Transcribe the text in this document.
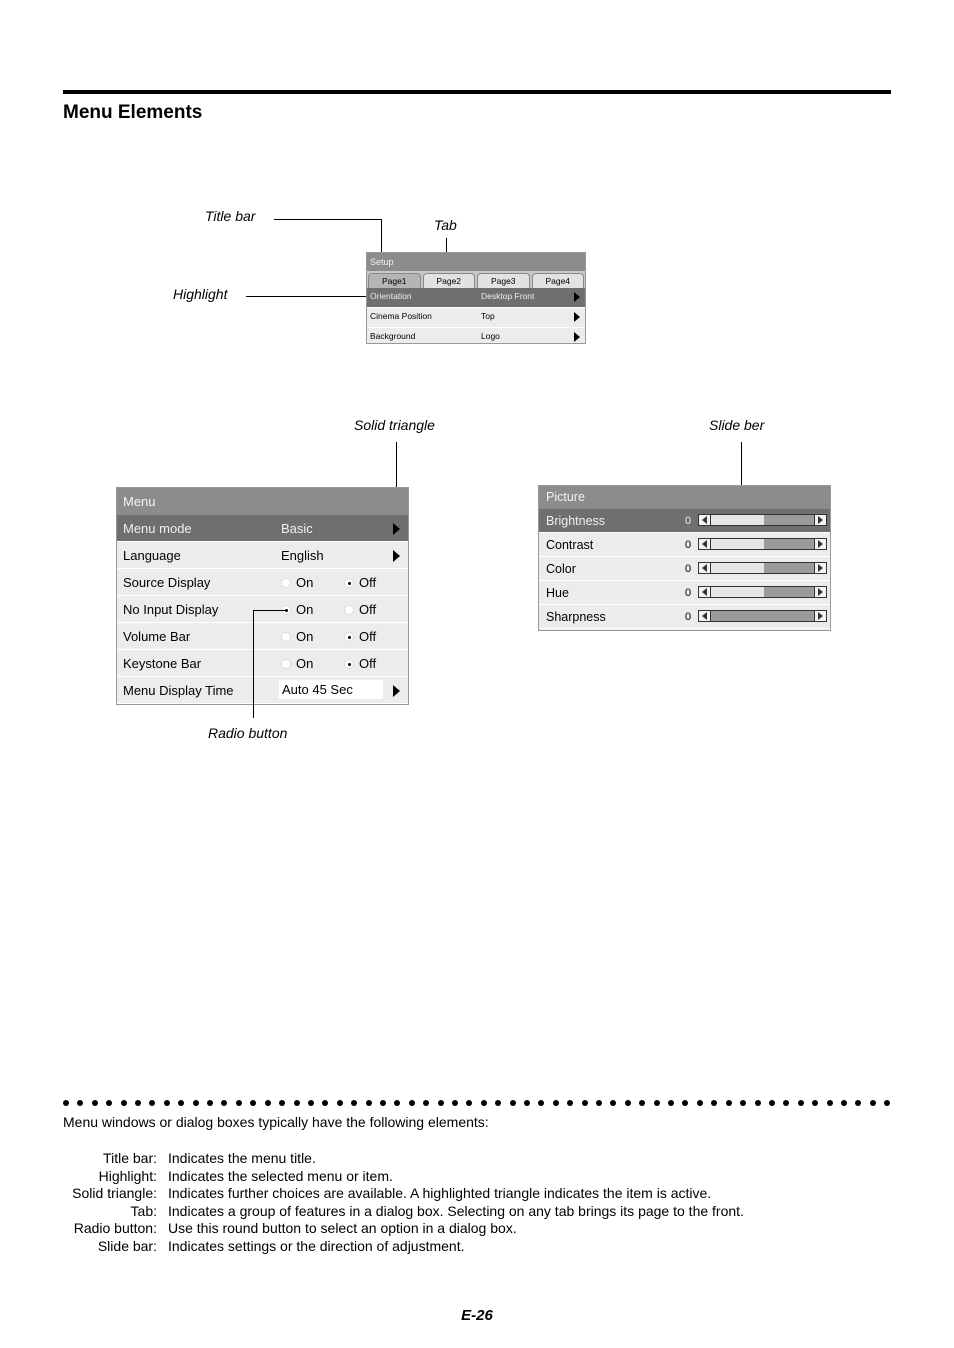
Menu Elements
Title bar
Tab
Highlight
Setup
Page1	Page2	Page3	Page4
Orientation	Desktop Front
Cinema Position	Top
Background	Logo
Solid triangle	Slide ber
Menu
Menu mode	Basic
Language	English
Source Display	On	Off
No Input Display	On	Off
Volume Bar	On	Off
Keystone Bar	On	Off
Menu Display Time	Auto 45 Sec
Radio button
Picture
Brightness	0
Contrast	0
Color	0
Hue	0
Sharpness	0
Menu windows or dialog boxes typically have the following elements:
Title bar: Indicates the menu title.
Highlight: Indicates the selected menu or item.
Solid triangle: Indicates further choices are available. A highlighted triangle indicates the item is active.
Tab: Indicates a group of features in a dialog box. Selecting on any tab brings its page to the front.
Radio button: Use this round button to select an option in a dialog box.
Slide bar: Indicates settings or the direction of adjustment.
E-26
